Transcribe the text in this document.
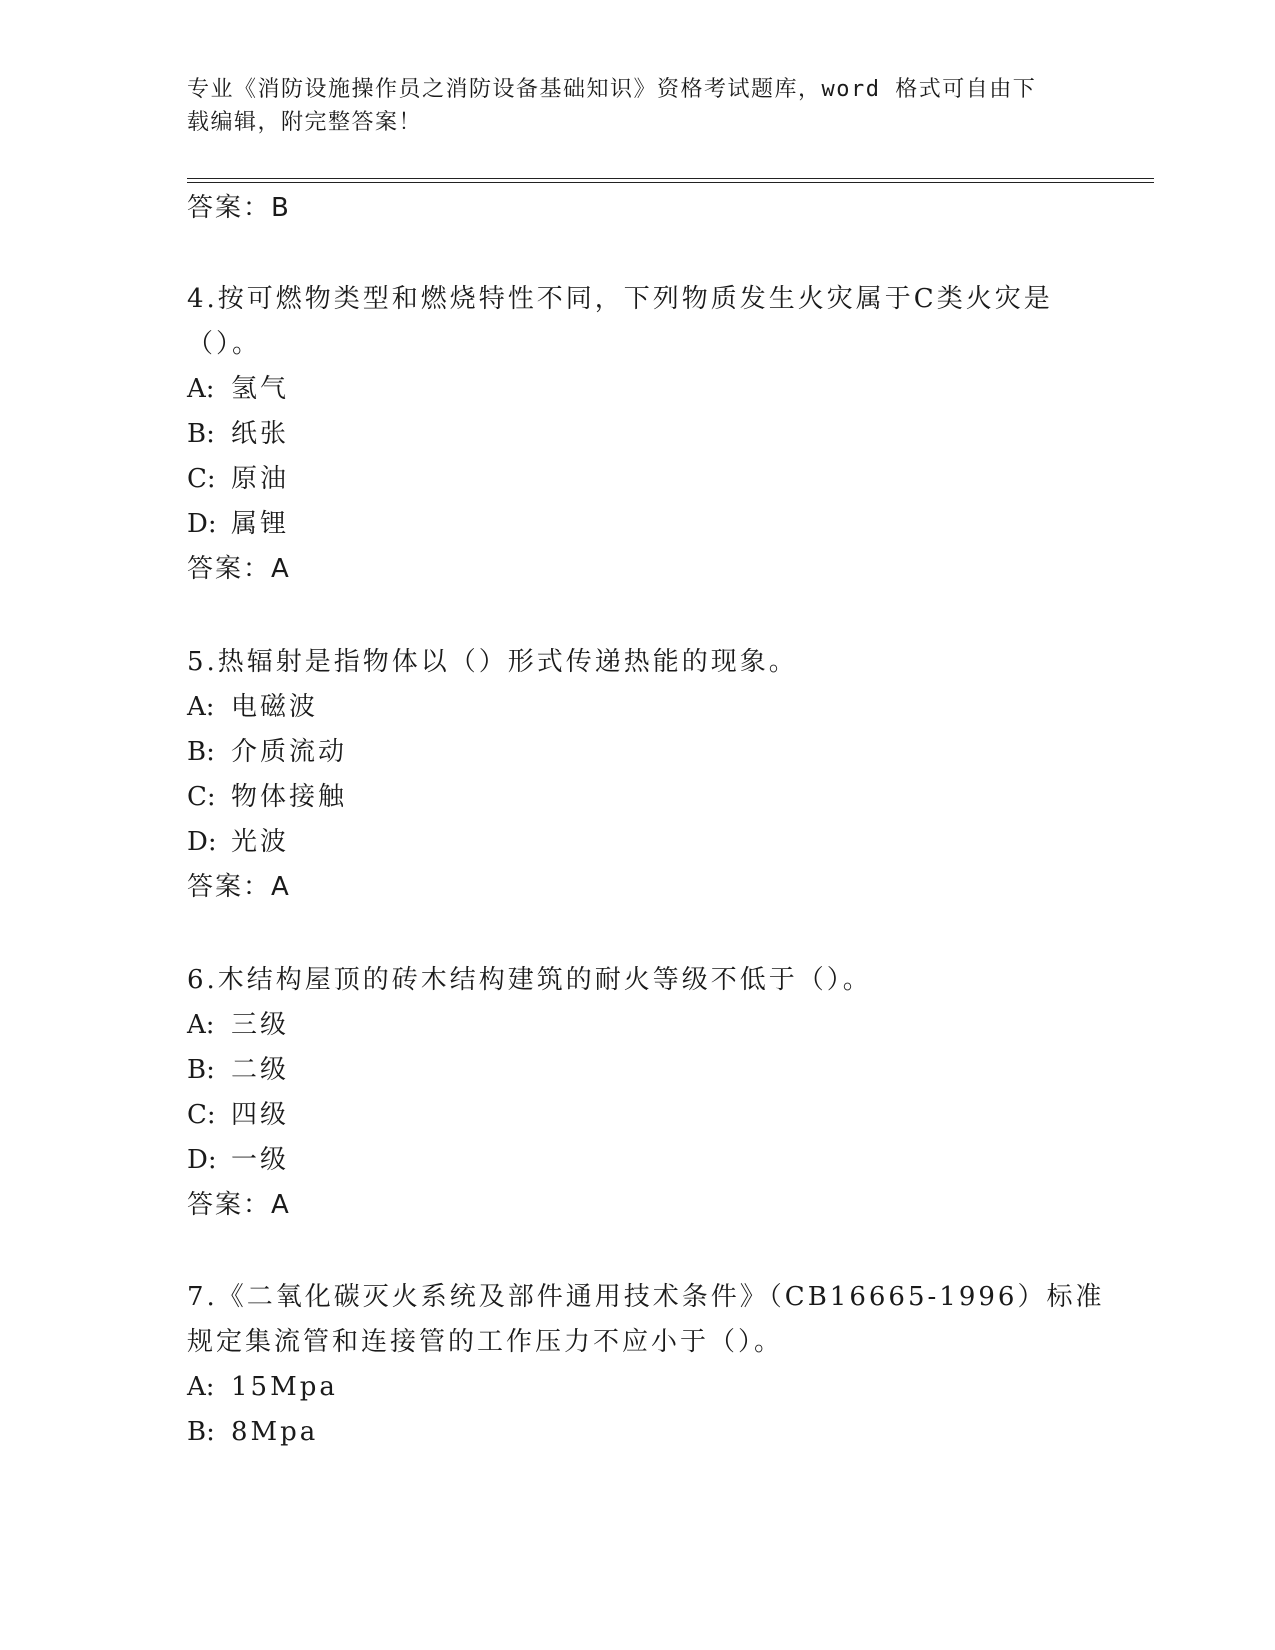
专业《消防设施操作员之消防设备基础知识》资格考试题库，word 格式可自由下
载编辑，附完整答案！
答案：B
4.按可燃物类型和燃烧特性不同，下列物质发生火灾属于C类火灾是
（）。
A: 氢气
B: 纸张
C: 原油
D: 属锂
答案：A
5.热辐射是指物体以（）形式传递热能的现象。
A: 电磁波
B: 介质流动
C: 物体接触
D: 光波
答案：A
6.木结构屋顶的砖木结构建筑的耐火等级不低于（）。
A: 三级
B: 二级
C: 四级
D: 一级
答案：A
7.《二氧化碳灭火系统及部件通用技术条件》（CB16665-1996）标准
规定集流管和连接管的工作压力不应小于（）。
A: 15Mpa
B: 8Mpa
